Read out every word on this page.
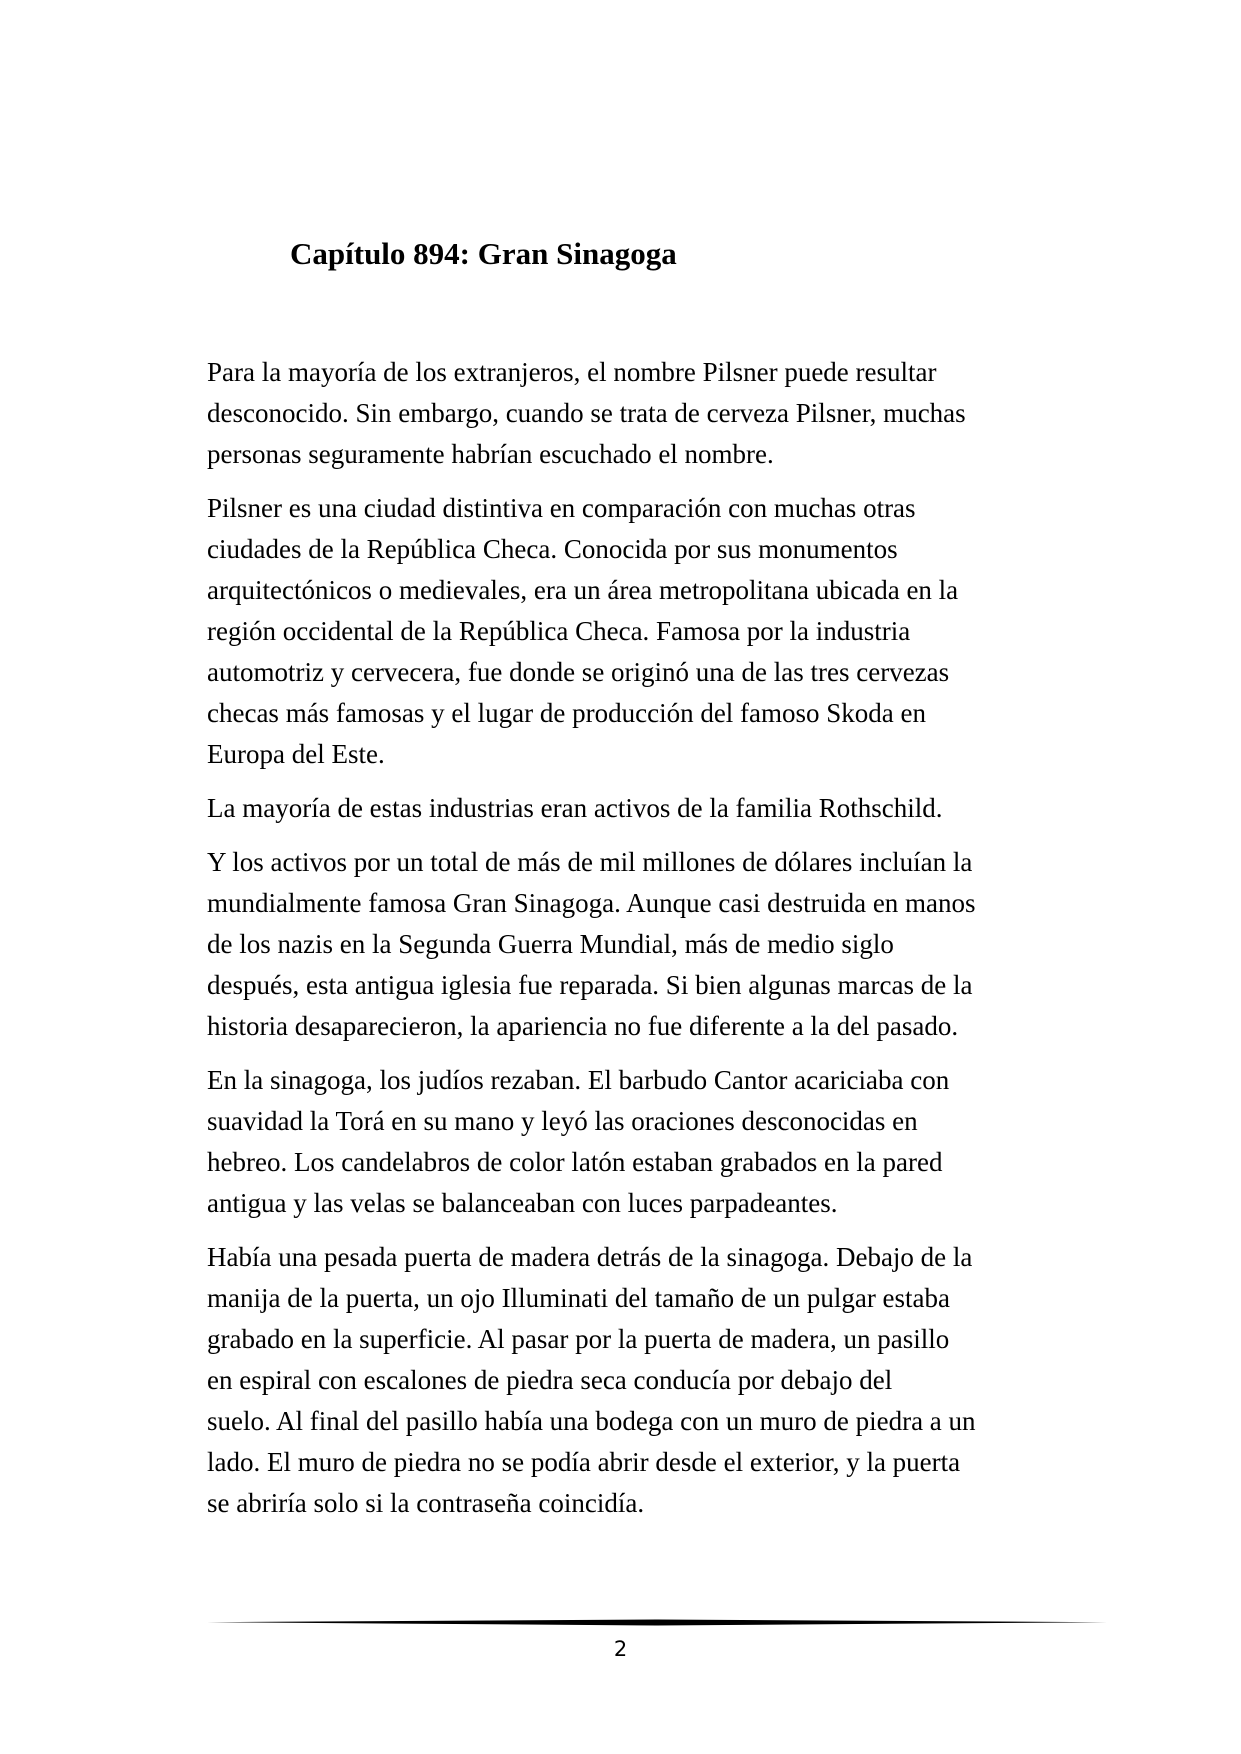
Capítulo 894: Gran Sinagoga

Para la mayoría de los extranjeros, el nombre Pilsner puede resultar
desconocido. Sin embargo, cuando se trata de cerveza Pilsner, muchas
personas seguramente habrían escuchado el nombre.

Pilsner es una ciudad distintiva en comparación con muchas otras
ciudades de la República Checa. Conocida por sus monumentos
arquitectónicos o medievales, era un área metropolitana ubicada en la
región occidental de la República Checa. Famosa por la industria
automotriz y cervecera, fue donde se originó una de las tres cervezas
checas más famosas y el lugar de producción del famoso Skoda en
Europa del Este.

La mayoría de estas industrias eran activos de la familia Rothschild.

Y los activos por un total de más de mil millones de dólares incluían la
mundialmente famosa Gran Sinagoga. Aunque casi destruida en manos
de los nazis en la Segunda Guerra Mundial, más de medio siglo
después, esta antigua iglesia fue reparada. Si bien algunas marcas de la
historia desaparecieron, la apariencia no fue diferente a la del pasado.

En la sinagoga, los judíos rezaban. El barbudo Cantor acariciaba con
suavidad la Torá en su mano y leyó las oraciones desconocidas en
hebreo. Los candelabros de color latón estaban grabados en la pared
antigua y las velas se balanceaban con luces parpadeantes.

Había una pesada puerta de madera detrás de la sinagoga. Debajo de la
manija de la puerta, un ojo Illuminati del tamaño de un pulgar estaba
grabado en la superficie. Al pasar por la puerta de madera, un pasillo
en espiral con escalones de piedra seca conducía por debajo del
suelo. Al final del pasillo había una bodega con un muro de piedra a un
lado. El muro de piedra no se podía abrir desde el exterior, y la puerta
se abriría solo si la contraseña coincidía.

2
